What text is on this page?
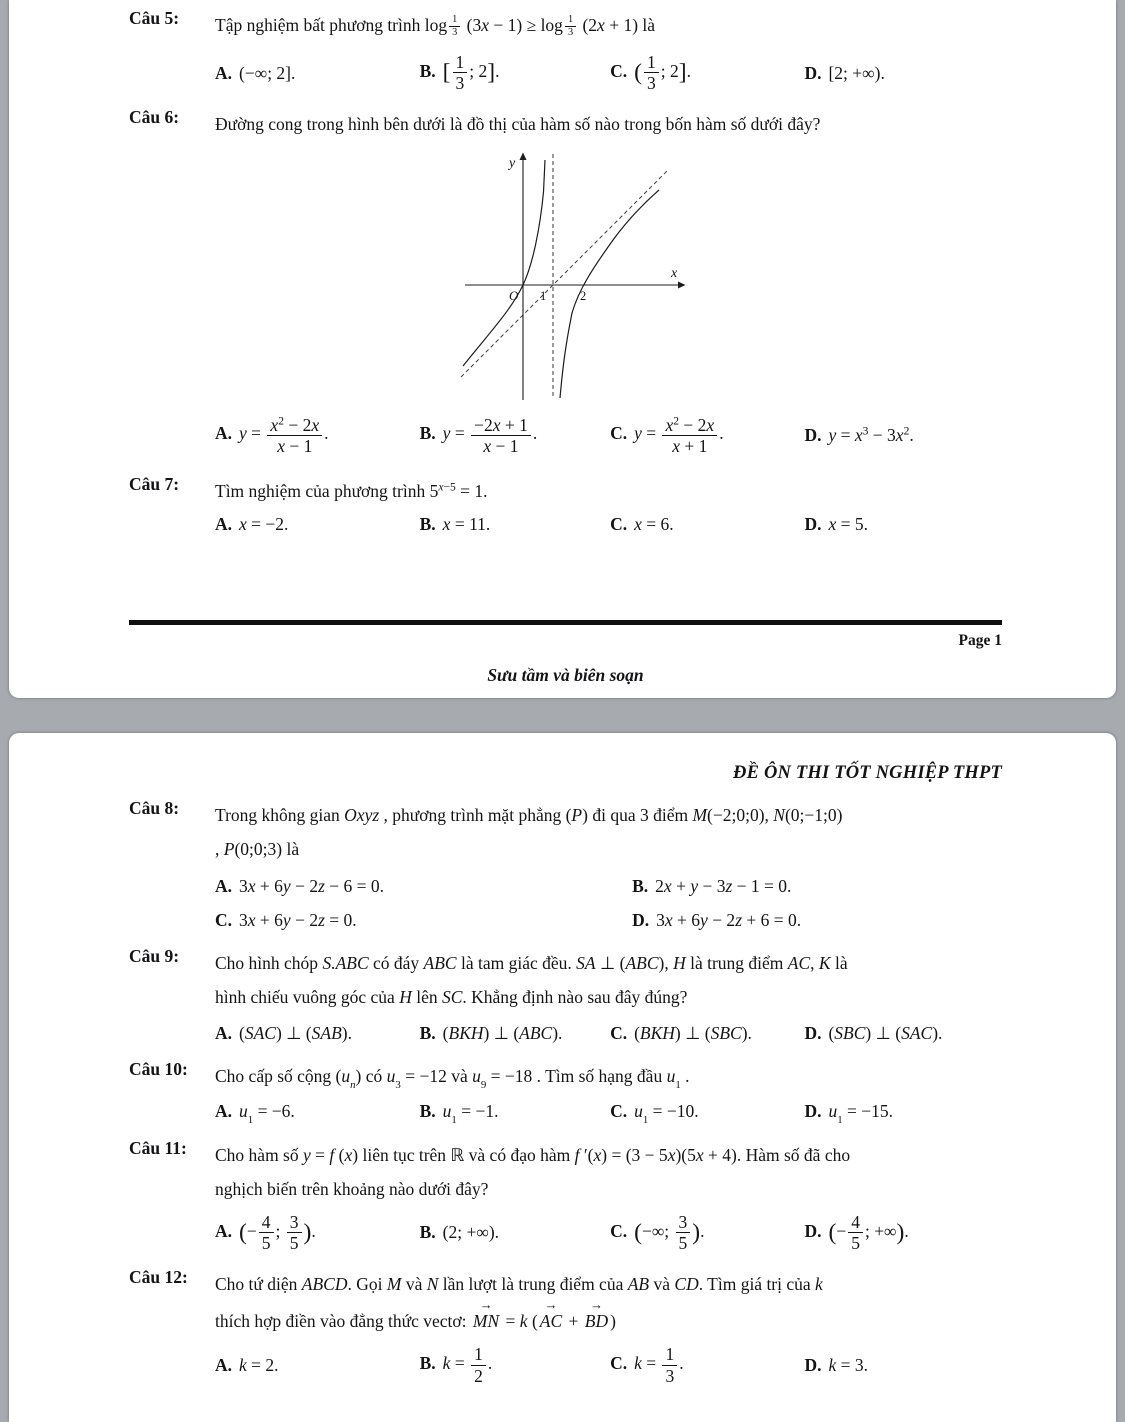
Câu 5:	Tập nghiệm bất phương trình log $_{\frac{1}{3}}$ (3x − 1) ≥ log $_{\frac{1}{3}}$ (2x + 1) là
A. (−∞; 2].	B. [ $\frac{1}{3}$ ; 2].	C. ( $\frac{1}{3}$ ; 2].	D. [2; +∞).
Câu 6:	Đường cong trong hình bên dưới là đồ thị của hàm số nào trong bốn hàm số dưới đây?
y
x
O 1	2
A. $y = \frac{x^2 - 2x}{x - 1}$ .	B. $y = \frac{-2x + 1}{x - 1}$ .	C. $y = \frac{x^2 - 2x}{x + 1}$ .	D. $y = x^3 - 3x^2$.
Câu 7:	Tìm nghiệm của phương trình $5^{x-5} = 1$.
A. x = −2.	B. x = 11.	C. x = 6.	D. x = 5.
Page 1
Sưu tầm và biên soạn
ĐỀ ÔN THI TỐT NGHIỆP THPT
Câu 8:	Trong không gian Oxyz , phương trình mặt phẳng (P) đi qua 3 điểm M(−2;0;0), N(0;−1;0)
, P(0;0;3) là
A. 3x + 6y − 2z − 6 = 0.	B. 2x + y − 3z − 1 = 0.
C. 3x + 6y − 2z = 0.	D. 3x + 6y − 2z + 6 = 0.
Câu 9:	Cho hình chóp S.ABC có đáy ABC là tam giác đều. SA ⊥ (ABC), H là trung điểm AC, K là
hình chiếu vuông góc của H lên SC. Khẳng định nào sau đây đúng?
A. (SAC) ⊥ (SAB).	B. (BKH) ⊥ (ABC).	C. (BKH) ⊥ (SBC).	D. (SBC) ⊥ (SAC).
Câu 10:	Cho cấp số cộng $(u_n)$ có $u_3 = -12$ và $u_9 = -18$ . Tìm số hạng đầu $u_1$ .
A. $u_1 = -6$.	B. $u_1 = -1$.	C. $u_1 = -10$.	D. $u_1 = -15$.
Câu 11:	Cho hàm số y = f (x) liên tục trên ℝ và có đạo hàm f ′(x) = (3 − 5x)(5x + 4). Hàm số đã cho
nghịch biến trên khoảng nào dưới đây?
A. (− $\frac{4}{5}$ ; $\frac{3}{5}$ ).	B. (2; +∞).	C. (−∞; $\frac{3}{5}$ ).	D. (− $\frac{4}{5}$ ; +∞).
Câu 12:	Cho tứ diện ABCD. Gọi M và N lần lượt là trung điểm của AB và CD. Tìm giá trị của k
thích hợp điền vào đẳng thức vectơ: MN → = k ( AC → + BD → )
A. k = 2.	B. $k = \frac{1}{2}$ .	C. $k = \frac{1}{3}$ .	D. k = 3.
